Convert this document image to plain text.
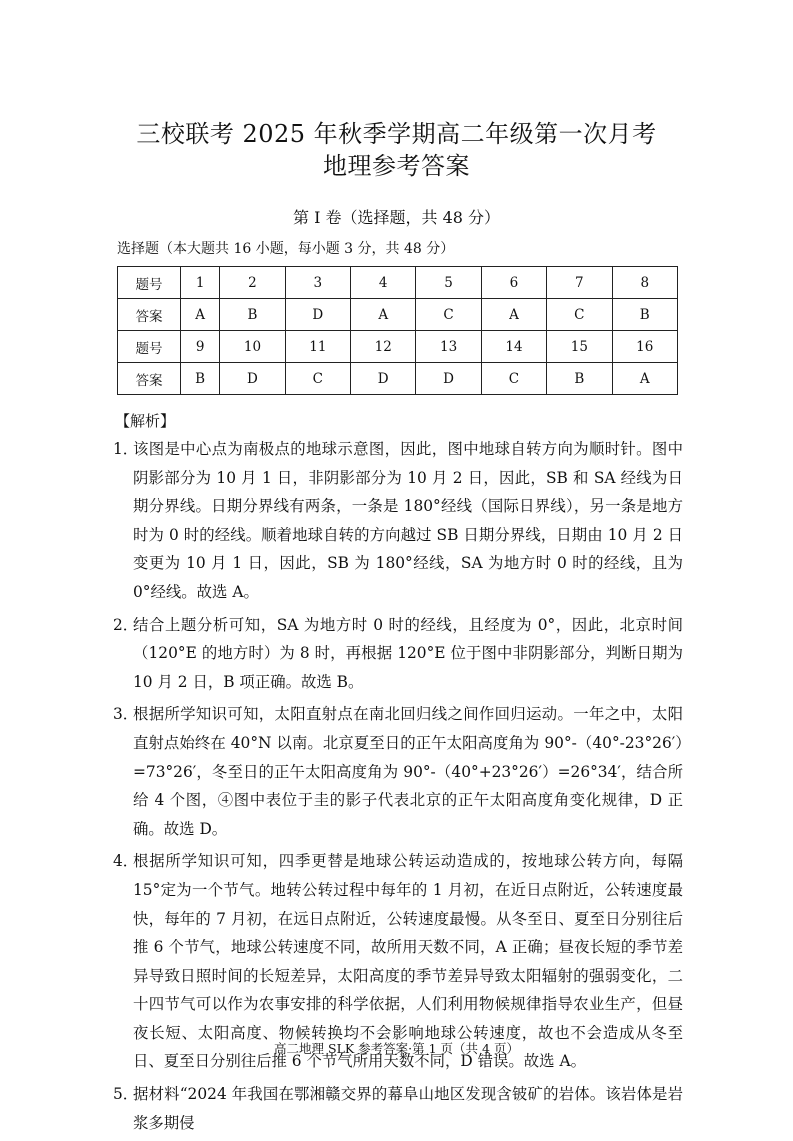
三校联考 2025 年秋季学期高二年级第一次月考
地理参考答案
第 I 卷（选择题，共 48 分）
选择题（本大题共 16 小题，每小题 3 分，共 48 分）
题号	1	2	3	4	5	6	7	8
答案	A	B	D	A	C	A	C	B
题号	9	10	11	12	13	14	15	16
答案	B	D	C	D	D	C	B	A
【解析】
1．
该图是中心点为南极点的地球示意图，因此，图中地球自转方向为顺时针。图中阴影部分为 10 月 1 日，非阴影部分为 10 月 2 日，因此，SB 和 SA 经线为日期分界线。日期分界线有两条，一条是 180°经线（国际日界线），另一条是地方时为 0 时的经线。顺着地球自转的方向越过 SB 日期分界线，日期由 10 月 2 日变更为 10 月 1 日，因此，SB 为 180°经线，SA 为地方时 0 时的经线，且为 0°经线。故选 A。
2．
结合上题分析可知，SA 为地方时 0 时的经线，且经度为 0°，因此，北京时间（120°E 的地方时）为 8 时，再根据 120°E 位于图中非阴影部分，判断日期为 10 月 2 日，B 项正确。故选 B。
3．
根据所学知识可知，太阳直射点在南北回归线之间作回归运动。一年之中，太阳直射点始终在 40°N 以南。北京夏至日的正午太阳高度角为 90°-（40°-23°26′）=73°26′，冬至日的正午太阳高度角为 90°-（40°+23°26′）=26°34′，结合所给 4 个图，④图中表位于圭的影子代表北京的正午太阳高度角变化规律，D 正确。故选 D。
4．
根据所学知识可知，四季更替是地球公转运动造成的，按地球公转方向，每隔 15°定为一个节气。地转公转过程中每年的 1 月初，在近日点附近，公转速度最快，每年的 7 月初，在远日点附近，公转速度最慢。从冬至日、夏至日分别往后推 6 个节气，地球公转速度不同，故所用天数不同，A 正确；昼夜长短的季节差异导致日照时间的长短差异，太阳高度的季节差异导致太阳辐射的强弱变化，二十四节气可以作为农事安排的科学依据，人们利用物候规律指导农业生产，但昼夜长短、太阳高度、物候转换均不会影响地球公转速度，故也不会造成从冬至日、夏至日分别往后推 6 个节气所用天数不同，D 错误。故选 A。
5．
据材料“2024 年我国在鄂湘赣交界的幕阜山地区发现含铍矿的岩体。该岩体是岩浆多期侵
高二地理 SLK 参考答案·第 1 页（共 4 页）
